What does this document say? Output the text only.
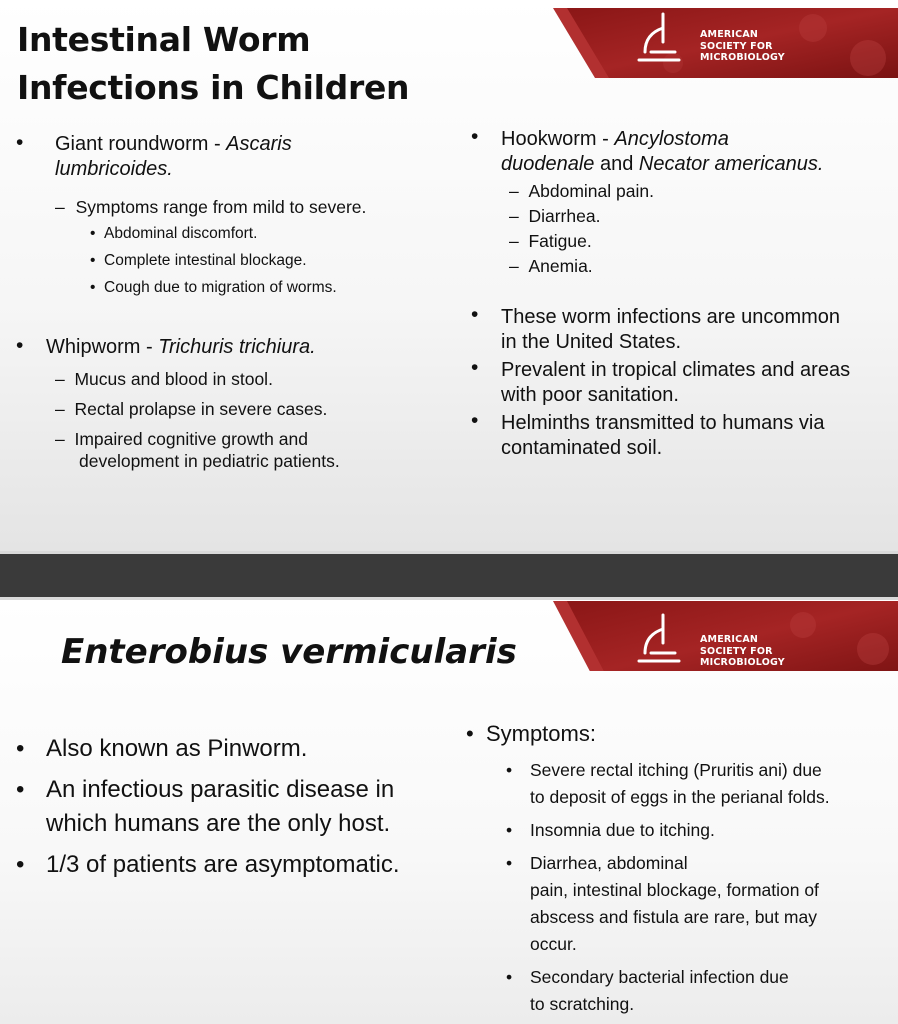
AMERICAN
SOCIETY FOR
MICROBIOLOGY
Intestinal Worm
Infections in Children
• Giant roundworm - Ascaris
lumbricoides.
– Symptoms range from mild to severe.
•  Abdominal discomfort.
•  Complete intestinal blockage.
•  Cough due to migration of worms.
• Whipworm - Trichuris trichiura.
–  Mucus and blood in stool.
–  Rectal prolapse in severe cases.
–  Impaired cognitive growth and
development in pediatric patients.
• Hookworm - Ancylostoma
duodenale and Necator americanus.
–  Abdominal pain.
–  Diarrhea.
–  Fatigue.
–  Anemia.
• These worm infections are uncommon
in the United States.
• Prevalent in tropical climates and areas
with poor sanitation.
• Helminths transmitted to humans via
contaminated soil.
AMERICAN
SOCIETY FOR
MICROBIOLOGY
Enterobius vermicularis
• Also known as Pinworm.
• An infectious parasitic disease in
which humans are the only host.
• 1/3 of patients are asymptomatic.
•  Symptoms:
•	Severe rectal itching (Pruritis ani) due
to deposit of eggs in the perianal folds.
•	Insomnia due to itching.
•	Diarrhea, abdominal
pain, intestinal blockage, formation of
abscess and fistula are rare, but may
occur.
•	Secondary bacterial infection due
to scratching.
